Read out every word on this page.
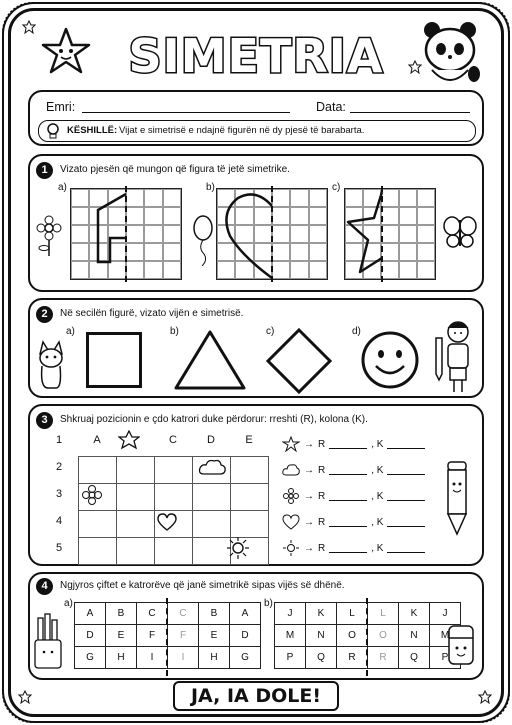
SIMETRIA
Emri:	Data:
KËSHILLË: Vijat e simetrisë e ndajnë figurën në dy pjesë të barabarta.
1	Vizato pjesën që mungon që figura të jetë simetrike.
a)	b)	c)
2	Në secilën figurë, vizato vijën e simetrisë.
a)	b)	c)	d)
3	Shkruaj pozicionin e çdo katrori duke përdorur: rreshti (R), kolona (K).
A	C	D	E
1
2
3
4
5

→ R	, K
→ R	, K
→ R	, K
→ R	, K
→ R	, K
4	Ngjyros çiftet e katrorëve që janë simetrikë sipas vijës së dhënë.
a)	b)
A	B	C	C	B	A
D	E	F	F	E	D
G	H	I	I	H	G
J	K	L	L	K	J
M	N	O	O	N	M
P	Q	R	R	Q	P
JA, IA DOLE!
